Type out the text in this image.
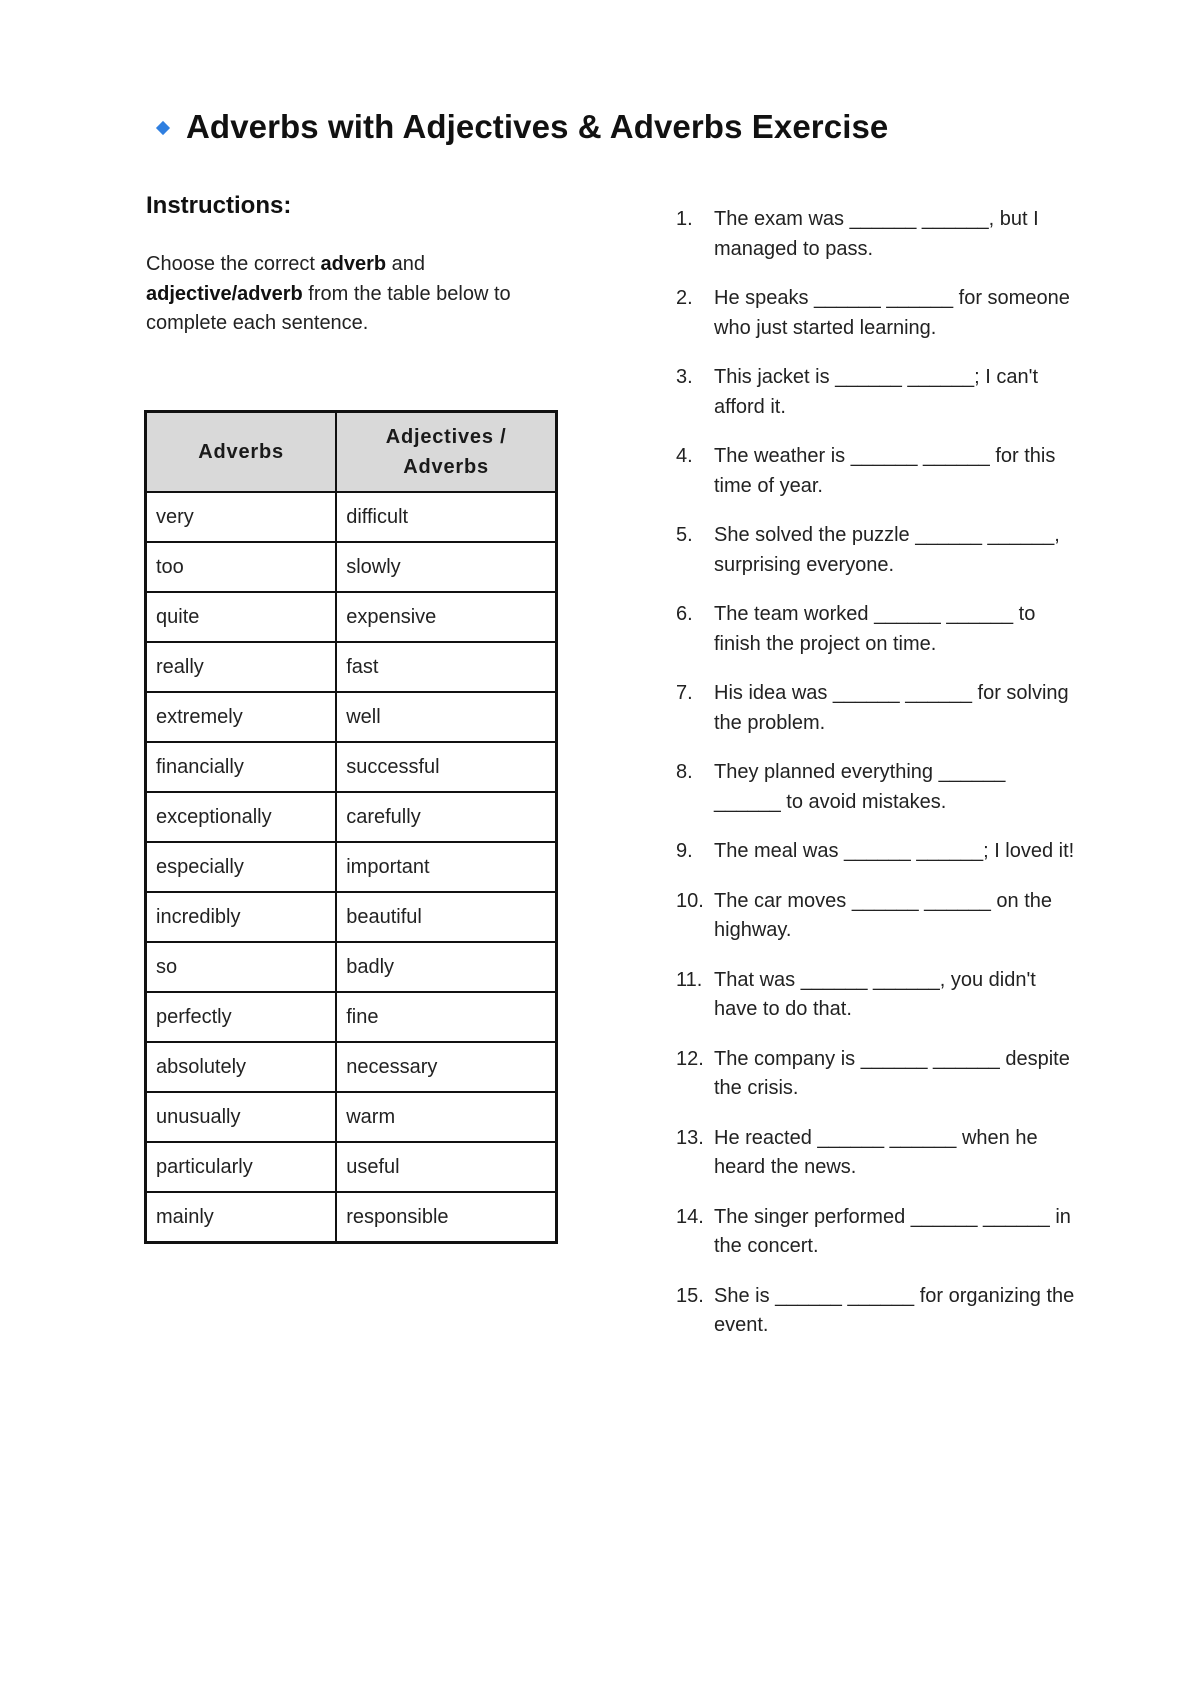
Adverbs with Adjectives & Adverbs Exercise
Instructions:

Choose the correct adverb and adjective/adverb from the table below to complete each sentence.

Adverbs	Adjectives / Adverbs
very	difficult
too	slowly
quite	expensive
really	fast
extremely	well
financially	successful
exceptionally	carefully
especially	important
incredibly	beautiful
so	badly
perfectly	fine
absolutely	necessary
unusually	warm
particularly	useful
mainly	responsible
1.	The exam was ______ ______, but I managed to pass.
2.	He speaks ______ ______ for someone who just started learning.
3.	This jacket is ______ ______; I can't afford it.
4.	The weather is ______ ______ for this time of year.
5.	She solved the puzzle ______ ______, surprising everyone.
6.	The team worked ______ ______ to finish the project on time.
7.	His idea was ______ ______ for solving the problem.
8.	They planned everything ______ ______ to avoid mistakes.
9.	The meal was ______ ______; I loved it!
10. The car moves ______ ______ on the highway.
11. That was ______ ______, you didn't have to do that.
12. The company is ______ ______ despite the crisis.
13. He reacted ______ ______ when he heard the news.
14. The singer performed ______ ______ in the concert.
15. She is ______ ______ for organizing the event.
